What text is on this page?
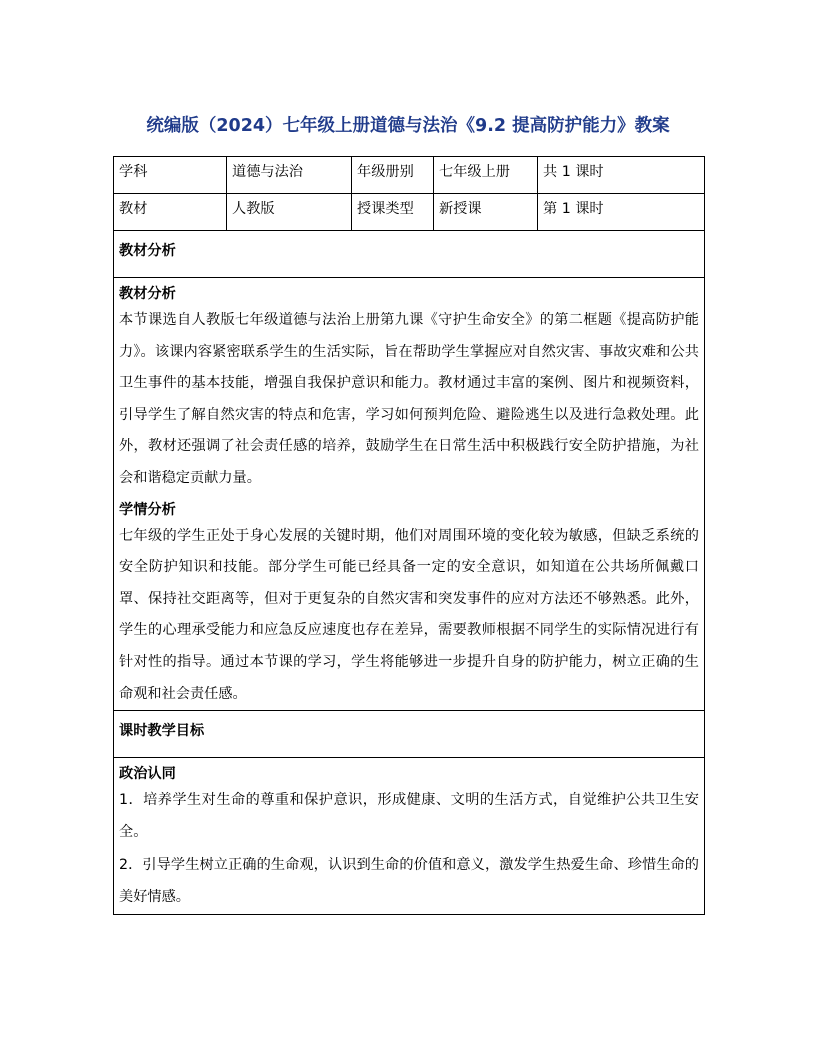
统编版（2024）七年级上册道德与法治《9.2 提高防护能力》教案
学科	道德与法治	年级册别	七年级上册	共 1 课时
教材	人教版	授课类型	新授课	第 1 课时
教材分析				

教材分析

本节课选自人教版七年级道德与法治上册第九课《守护生命安全》的第二框题《提高防护能力》。该课内容紧密联系学生的生活实际，旨在帮助学生掌握应对自然灾害、事故灾难和公共卫生事件的基本技能，增强自我保护意识和能力。教材通过丰富的案例、图片和视频资料，引导学生了解自然灾害的特点和危害，学习如何预判危险、避险逃生以及进行急救处理。此外，教材还强调了社会责任感的培养，鼓励学生在日常生活中积极践行安全防护措施，为社会和谐稳定贡献力量。

学情分析

七年级的学生正处于身心发展的关键时期，他们对周围环境的变化较为敏感，但缺乏系统的安全防护知识和技能。部分学生可能已经具备一定的安全意识，如知道在公共场所佩戴口罩、保持社交距离等，但对于更复杂的自然灾害和突发事件的应对方法还不够熟悉。此外，学生的心理承受能力和应急反应速度也存在差异，需要教师根据不同学生的实际情况进行有针对性的指导。通过本节课的学习，学生将能够进一步提升自身的防护能力，树立正确的生命观和社会责任感。				

课时教学目标				

政治认同

1．培养学生对生命的尊重和保护意识，形成健康、文明的生活方式，自觉维护公共卫生安全。

2．引导学生树立正确的生命观，认识到生命的价值和意义，激发学生热爱生命、珍惜生命的美好情感。				
